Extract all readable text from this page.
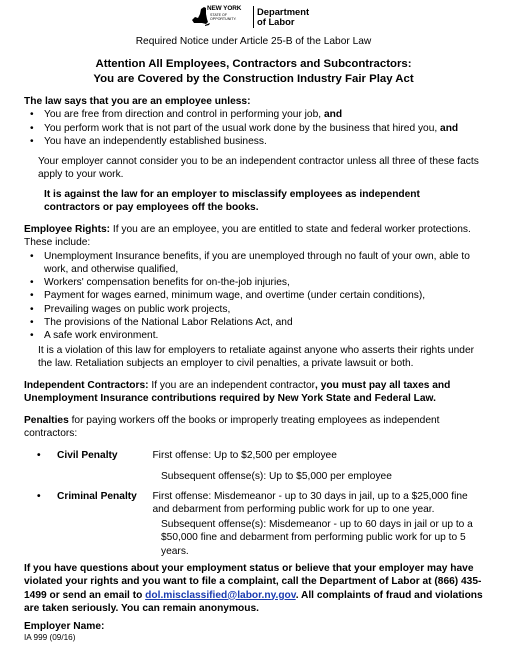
NEW YORK
STATE OF
OPPORTUNITY.
Department
of Labor
Required Notice under Article 25-B of the Labor Law
Attention All Employees, Contractors and Subcontractors:
You are Covered by the Construction Industry Fair Play Act
The law says that you are an employee unless:
• You are free from direction and control in performing your job, and
• You perform work that is not part of the usual work done by the business that hired you, and
• You have an independently established business.
Your employer cannot consider you to be an independent contractor unless all three of these facts apply to your work.
It is against the law for an employer to misclassify employees as independent contractors or pay employees off the books.
Employee Rights: If you are an employee, you are entitled to state and federal worker protections. These include:
• Unemployment Insurance benefits, if you are unemployed through no fault of your own, able to work, and otherwise qualified,
• Workers' compensation benefits for on-the-job injuries,
• Payment for wages earned, minimum wage, and overtime (under certain conditions),
• Prevailing wages on public work projects,
• The provisions of the National Labor Relations Act, and
• A safe work environment.
It is a violation of this law for employers to retaliate against anyone who asserts their rights under the law. Retaliation subjects an employer to civil penalties, a private lawsuit or both.
Independent Contractors: If you are an independent contractor, you must pay all taxes and Unemployment Insurance contributions required by New York State and Federal Law.
Penalties for paying workers off the books or improperly treating employees as independent contractors:
• Civil Penalty	First offense: Up to $2,500 per employee
Subsequent offense(s): Up to $5,000 per employee
• Criminal Penalty	First offense: Misdemeanor - up to 30 days in jail, up to a $25,000 fine and debarment from performing public work for up to one year.
Subsequent offense(s): Misdemeanor - up to 60 days in jail or up to a $50,000 fine and debarment from performing public work for up to 5 years.
If you have questions about your employment status or believe that your employer may have violated your rights and you want to file a complaint, call the Department of Labor at (866) 435-1499 or send an email to dol.misclassified@labor.ny.gov. All complaints of fraud and violations are taken seriously. You can remain anonymous.
Employer Name:
IA 999 (09/16)
